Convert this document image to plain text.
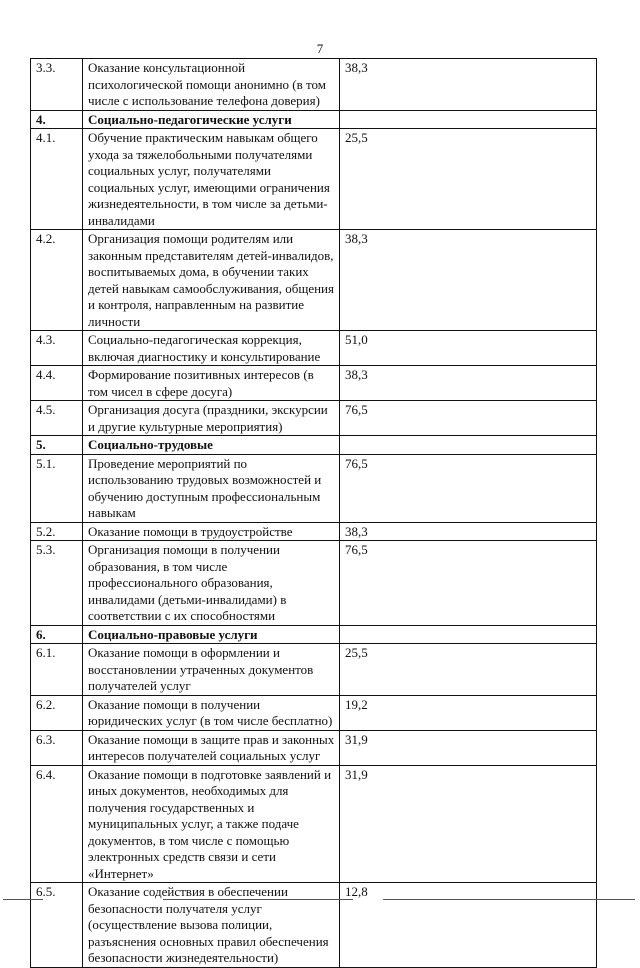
7
3.3.	Оказание консультационной психологической помощи анонимно (в том числе с использование телефона доверия)	38,3
4.	Социально-педагогические услуги	
4.1.	Обучение практическим навыкам общего ухода за тяжелобольными получателями социальных услуг, получателями социальных услуг, имеющими ограничения жизнедеятельности, в том числе за детьми-инвалидами	25,5
4.2.	Организация помощи родителям или законным представителям детей-инвалидов, воспитываемых дома, в обучении таких детей навыкам самообслуживания, общения и контроля, направленным на развитие личности	38,3
4.3.	Социально-педагогическая коррекция, включая диагностику и консультирование	51,0
4.4.	Формирование позитивных интересов (в том чисел в сфере досуга)	38,3
4.5.	Организация досуга (праздники, экскурсии и другие культурные мероприятия)	76,5
5.	Социально-трудовые	
5.1.	Проведение мероприятий по использованию трудовых возможностей и обучению доступным профессиональным навыкам	76,5
5.2.	Оказание помощи в трудоустройстве	38,3
5.3.	Организация помощи в получении образования, в том числе профессионального образования, инвалидами (детьми-инвалидами) в соответствии с их способностями	76,5
6.	Социально-правовые услуги	
6.1.	Оказание помощи в оформлении и восстановлении утраченных документов получателей услуг	25,5
6.2.	Оказание помощи в получении юридических услуг (в том числе бесплатно)	19,2
6.3.	Оказание помощи в защите прав и законных интересов получателей социальных услуг	31,9
6.4.	Оказание помощи в подготовке заявлений и иных документов, необходимых для получения государственных и муниципальных услуг, а также подаче документов, в том числе с помощью электронных средств связи и сети «Интернет»	31,9
6.5.	Оказание содействия в обеспечении безопасности получателя услуг (осуществление вызова полиции, разъяснения основных правил обеспечения безопасности жизнедеятельности)	12,8
